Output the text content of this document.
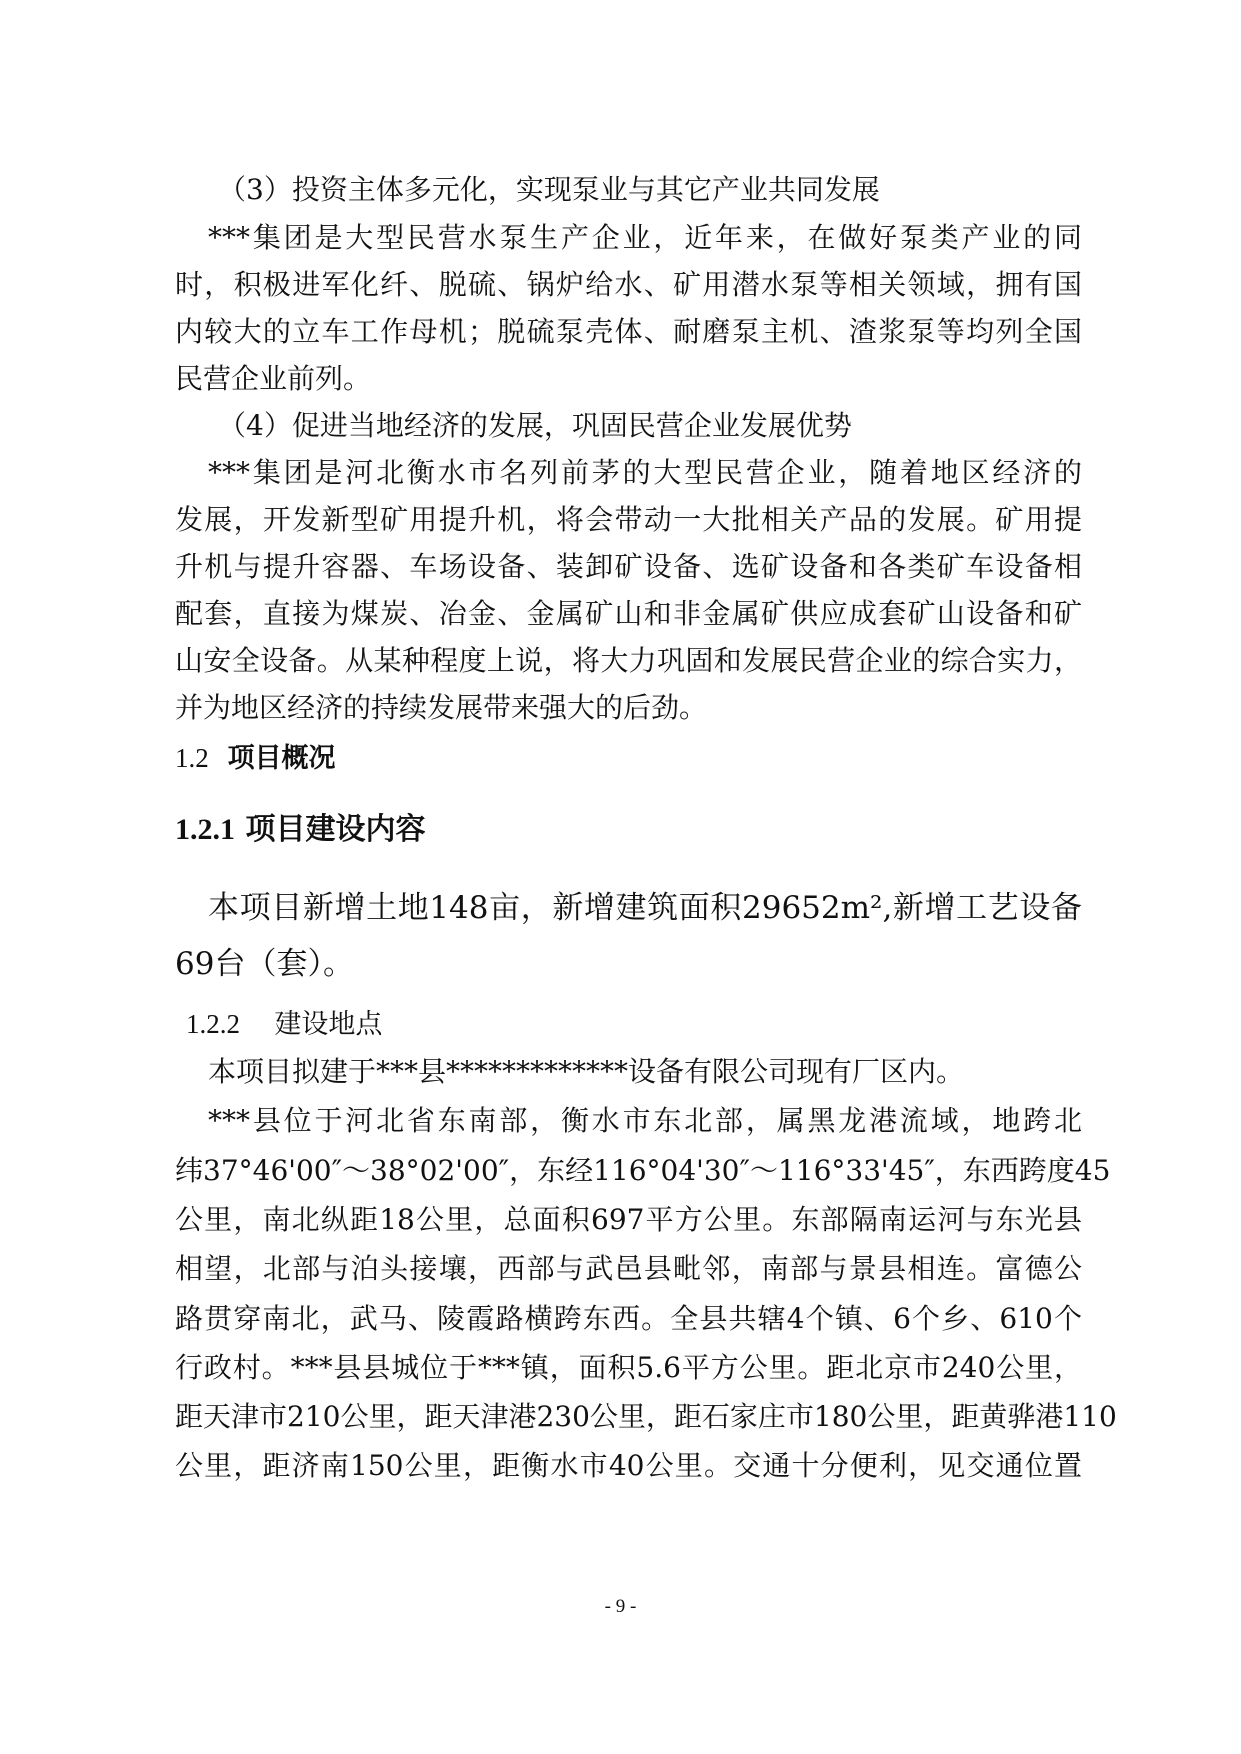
（3）投资主体多元化，实现泵业与其它产业共同发展

***集团是大型民营水泵生产企业，近年来，在做好泵类产业的同

时，积极进军化纤、脱硫、锅炉给水、矿用潜水泵等相关领域，拥有国

内较大的立车工作母机；脱硫泵壳体、耐磨泵主机、渣浆泵等均列全国

民营企业前列。

（4）促进当地经济的发展，巩固民营企业发展优势

***集团是河北衡水市名列前茅的大型民营企业，随着地区经济的

发展，开发新型矿用提升机，将会带动一大批相关产品的发展。矿用提

升机与提升容器、车场设备、装卸矿设备、选矿设备和各类矿车设备相

配套，直接为煤炭、冶金、金属矿山和非金属矿供应成套矿山设备和矿

山安全设备。从某种程度上说，将大力巩固和发展民营企业的综合实力，

并为地区经济的持续发展带来强大的后劲。

1.2 项目概况

1.2.1 项目建设内容

本项目新增土地148亩，新增建筑面积29652m²,新增工艺设备

69台（套）。

1.2.2 建设地点

本项目拟建于***县*************设备有限公司现有厂区内。

***县位于河北省东南部，衡水市东北部，属黑龙港流域，地跨北

纬37°46'00″～38°02'00″，东经116°04'30″～116°33'45″，东西跨度45

公里，南北纵距18公里，总面积697平方公里。东部隔南运河与东光县

相望，北部与泊头接壤，西部与武邑县毗邻，南部与景县相连。富德公

路贯穿南北，武马、陵霞路横跨东西。全县共辖4个镇、6个乡、610个

行政村。***县县城位于***镇，面积5.6平方公里。距北京市240公里，

距天津市210公里，距天津港230公里，距石家庄市180公里，距黄骅港110

公里，距济南150公里，距衡水市40公里。交通十分便利，见交通位置

- 9 -
